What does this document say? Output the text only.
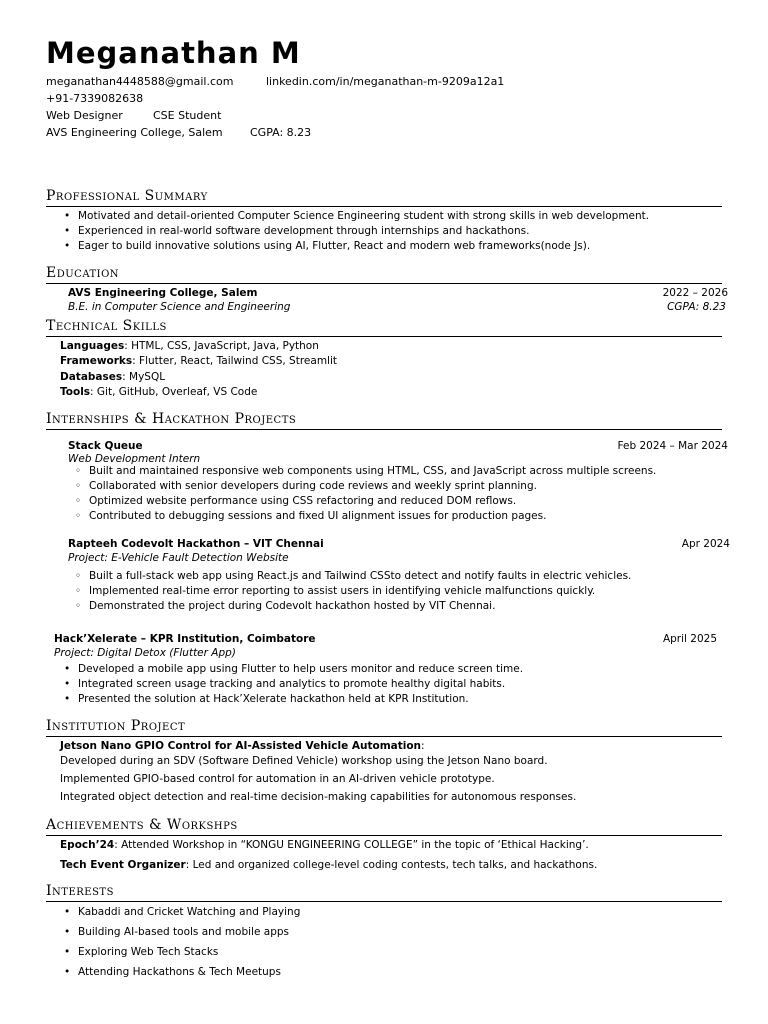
Meganathan M
meganathan4448588@gmail.com	linkedin.com/in/meganathan-m-9209a12a1
+91-7339082638
Web Designer	CSE Student
AVS Engineering College, Salem CGPA: 8.23
Professional Summary
• Motivated and detail-oriented Computer Science Engineering student with strong skills in web development.
• Experienced in real-world software development through internships and hackathons.
• Eager to build innovative solutions using AI, Flutter, React and modern web frameworks(node Js).
Education
AVS Engineering College, Salem	2022 – 2026
B.E. in Computer Science and Engineering	CGPA: 8.23
Technical Skills
Languages: HTML, CSS, JavaScript, Java, Python
Frameworks: Flutter, React, Tailwind CSS, Streamlit
Databases: MySQL
Tools: Git, GitHub, Overleaf, VS Code
Internships & Hackathon Projects
Stack Queue	Feb 2024 – Mar 2024
Web Development Intern
◦ Built and maintained responsive web components using HTML, CSS, and JavaScript across multiple screens.
◦ Collaborated with senior developers during code reviews and weekly sprint planning.
◦ Optimized website performance using CSS refactoring and reduced DOM reflows.
◦ Contributed to debugging sessions and fixed UI alignment issues for production pages.
Rapteeh Codevolt Hackathon – VIT Chennai	Apr 2024
Project: E-Vehicle Fault Detection Website
◦ Built a full-stack web app using React.js and Tailwind CSSto detect and notify faults in electric vehicles.
◦ Implemented real-time error reporting to assist users in identifying vehicle malfunctions quickly.
◦ Demonstrated the project during Codevolt hackathon hosted by VIT Chennai.
Hack’Xelerate – KPR Institution, Coimbatore	April 2025
Project: Digital Detox (Flutter App)
• Developed a mobile app using Flutter to help users monitor and reduce screen time.
• Integrated screen usage tracking and analytics to promote healthy digital habits.
• Presented the solution at Hack’Xelerate hackathon held at KPR Institution.
Institution Project
Jetson Nano GPIO Control for AI-Assisted Vehicle Automation:
Developed during an SDV (Software Defined Vehicle) workshop using the Jetson Nano board.
Implemented GPIO-based control for automation in an AI-driven vehicle prototype.
Integrated object detection and real-time decision-making capabilities for autonomous responses.
Achievements & Workshps
Epoch’24: Attended Workshop in “KONGU ENGINEERING COLLEGE” in the topic of ‘Ethical Hacking’.
Tech Event Organizer: Led and organized college-level coding contests, tech talks, and hackathons.
Interests
• Kabaddi and Cricket Watching and Playing
• Building AI-based tools and mobile apps
• Exploring Web Tech Stacks
• Attending Hackathons & Tech Meetups
